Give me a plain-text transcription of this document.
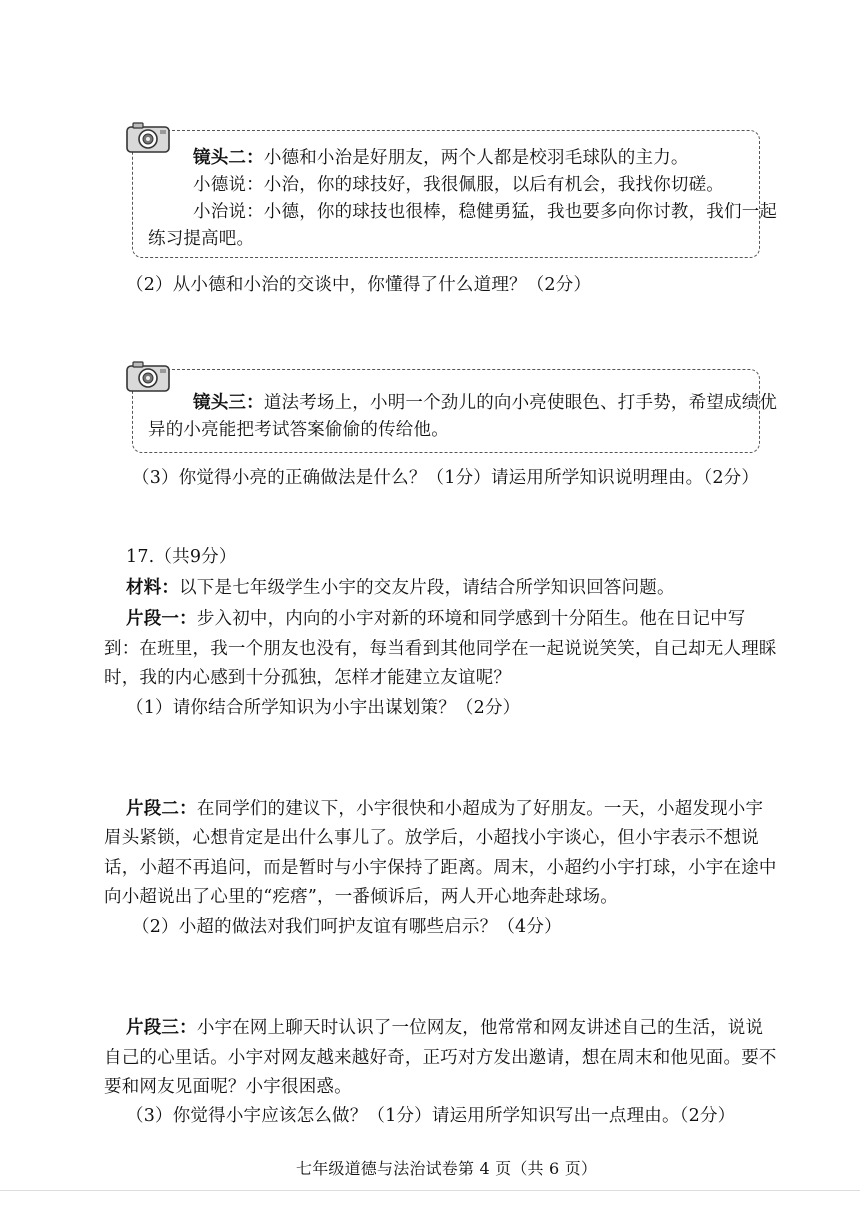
镜头二：小德和小治是好朋友，两个人都是校羽毛球队的主力。
小德说：小治，你的球技好，我很佩服，以后有机会，我找你切磋。
小治说：小德，你的球技也很棒，稳健勇猛，我也要多向你讨教，我们一起
练习提高吧。
（2）从小德和小治的交谈中，你懂得了什么道理？（2分）
镜头三：道法考场上，小明一个劲儿的向小亮使眼色、打手势，希望成绩优
异的小亮能把考试答案偷偷的传给他。
（3）你觉得小亮的正确做法是什么？（1分）请运用所学知识说明理由。（2分）
17.（共9分）
材料：以下是七年级学生小宇的交友片段，请结合所学知识回答问题。
片段一：步入初中，内向的小宇对新的环境和同学感到十分陌生。他在日记中写
到：在班里，我一个朋友也没有，每当看到其他同学在一起说说笑笑，自己却无人理睬
时，我的内心感到十分孤独，怎样才能建立友谊呢？
（1）请你结合所学知识为小宇出谋划策？（2分）
片段二：在同学们的建议下，小宇很快和小超成为了好朋友。一天，小超发现小宇
眉头紧锁，心想肯定是出什么事儿了。放学后，小超找小宇谈心，但小宇表示不想说
话，小超不再追问，而是暂时与小宇保持了距离。周末，小超约小宇打球，小宇在途中
向小超说出了心里的“疙瘩”，一番倾诉后，两人开心地奔赴球场。
（2）小超的做法对我们呵护友谊有哪些启示？（4分）
片段三：小宇在网上聊天时认识了一位网友，他常常和网友讲述自己的生活，说说
自己的心里话。小宇对网友越来越好奇，正巧对方发出邀请，想在周末和他见面。要不
要和网友见面呢？小宇很困惑。
（3）你觉得小宇应该怎么做？（1分）请运用所学知识写出一点理由。（2分）
七年级道德与法治试卷第 4 页（共 6 页）
